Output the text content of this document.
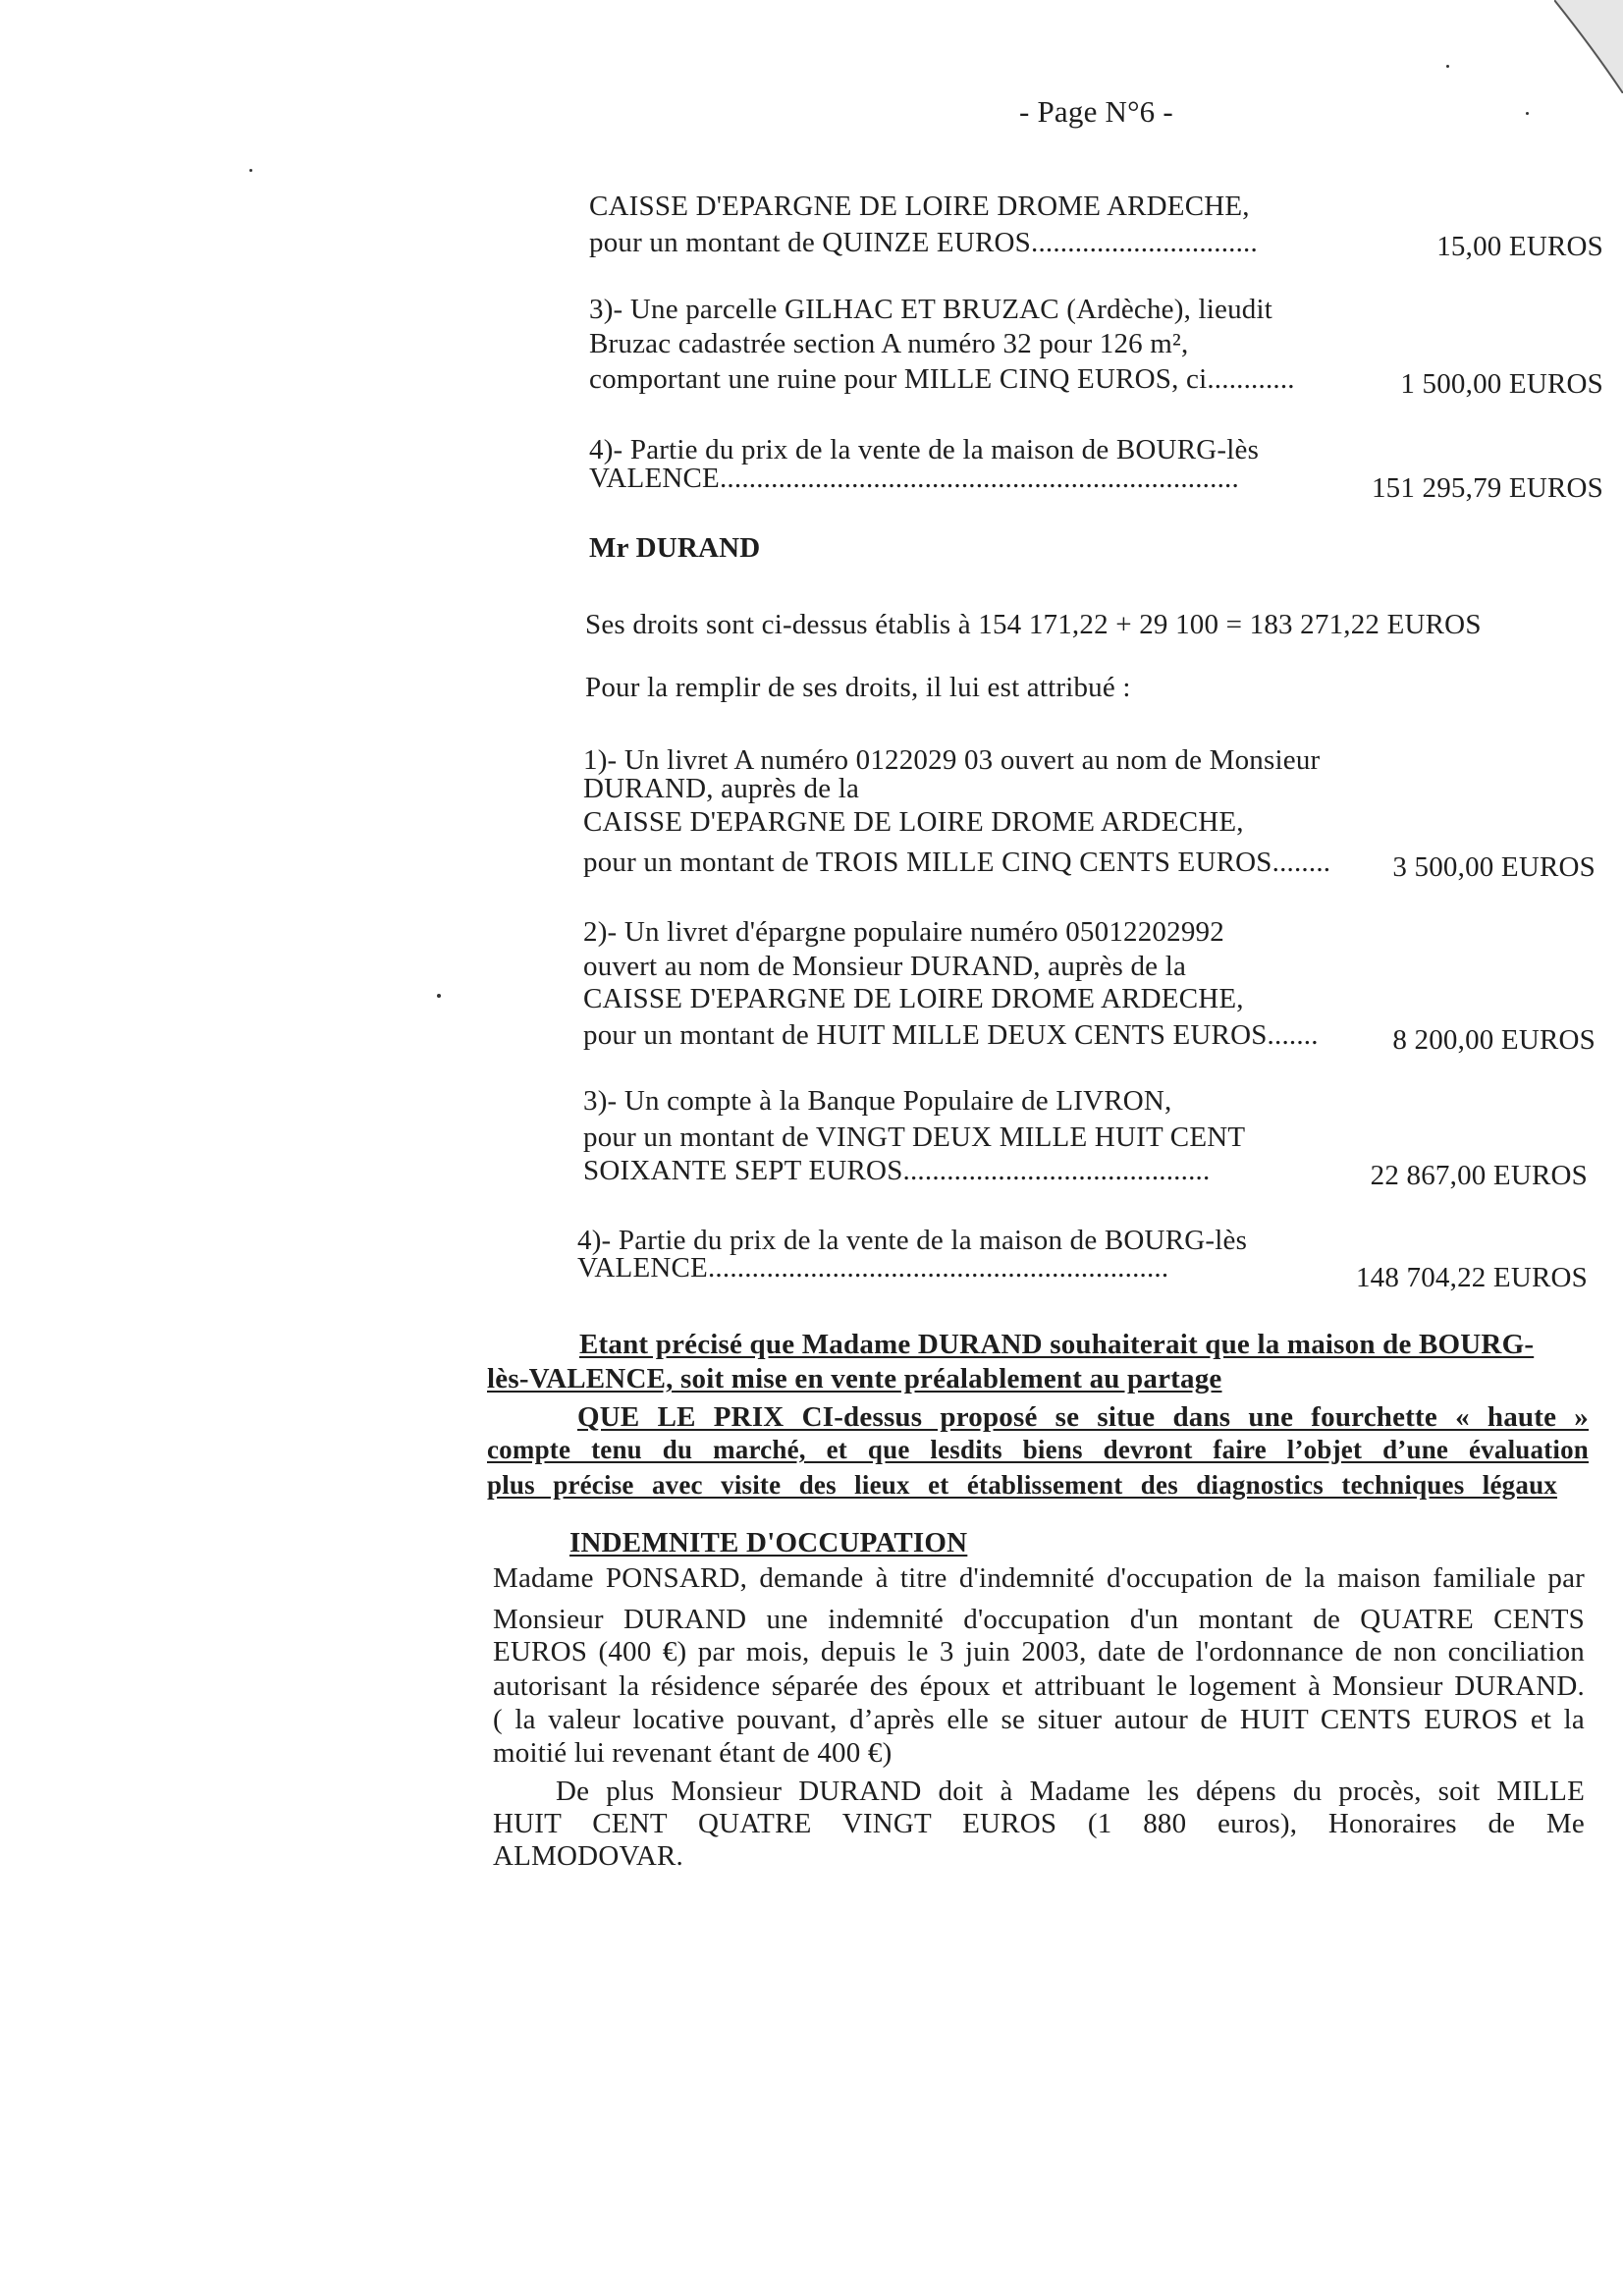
- Page N°6 -
CAISSE D'EPARGNE DE LOIRE DROME ARDECHE,
pour un montant de QUINZE EUROS...............................	15,00 EUROS
3)- Une parcelle GILHAC ET BRUZAC (Ardèche), lieudit
Bruzac cadastrée section A numéro 32 pour 126 m²,
comportant une ruine pour MILLE CINQ EUROS, ci............	1 500,00 EUROS
4)- Partie du prix de la vente de la maison de BOURG-lès
VALENCE.......................................................................	151 295,79 EUROS
Mr DURAND
Ses droits sont ci-dessus établis à 154 171,22 + 29 100 = 183 271,22 EUROS
Pour la remplir de ses droits, il lui est attribué :
1)- Un livret A numéro 0122029 03 ouvert au nom de Monsieur
DURAND, auprès de la
CAISSE D'EPARGNE DE LOIRE DROME ARDECHE,
pour un montant de TROIS MILLE CINQ CENTS EUROS........ 3 500,00 EUROS
2)- Un livret d'épargne populaire numéro 05012202992
ouvert au nom de Monsieur DURAND, auprès de la
CAISSE D'EPARGNE DE LOIRE DROME ARDECHE,
pour un montant de HUIT MILLE DEUX CENTS EUROS.......	8 200,00 EUROS
3)- Un compte à la Banque Populaire de LIVRON,
pour un montant de VINGT DEUX MILLE HUIT CENT
SOIXANTE SEPT EUROS..........................................	22 867,00 EUROS
4)- Partie du prix de la vente de la maison de BOURG-lès
VALENCE...............................................................	148 704,22 EUROS
Etant précisé que Madame DURAND souhaiterait que la maison de BOURG-
lès-VALENCE, soit mise en vente préalablement au partage
QUE LE PRIX CI-dessus proposé se situe dans une fourchette « haute »
compte tenu du marché, et que lesdits biens devront faire l’objet d’une évaluation
plus précise avec visite des lieux et établissement des diagnostics techniques légaux
INDEMNITE D'OCCUPATION
Madame PONSARD, demande à titre d'indemnité d'occupation de la maison familiale par
Monsieur DURAND une indemnité d'occupation d'un montant de QUATRE CENTS
EUROS (400 €) par mois, depuis le 3 juin 2003, date de l'ordonnance de non conciliation
autorisant la résidence séparée des époux et attribuant le logement à Monsieur DURAND.
( la valeur locative pouvant, d’après elle se situer autour de HUIT CENTS EUROS et la
moitié lui revenant étant de 400 €)
De plus Monsieur DURAND doit à Madame les dépens du procès, soit MILLE
HUIT CENT QUATRE VINGT EUROS (1 880 euros), Honoraires de Me
ALMODOVAR.
